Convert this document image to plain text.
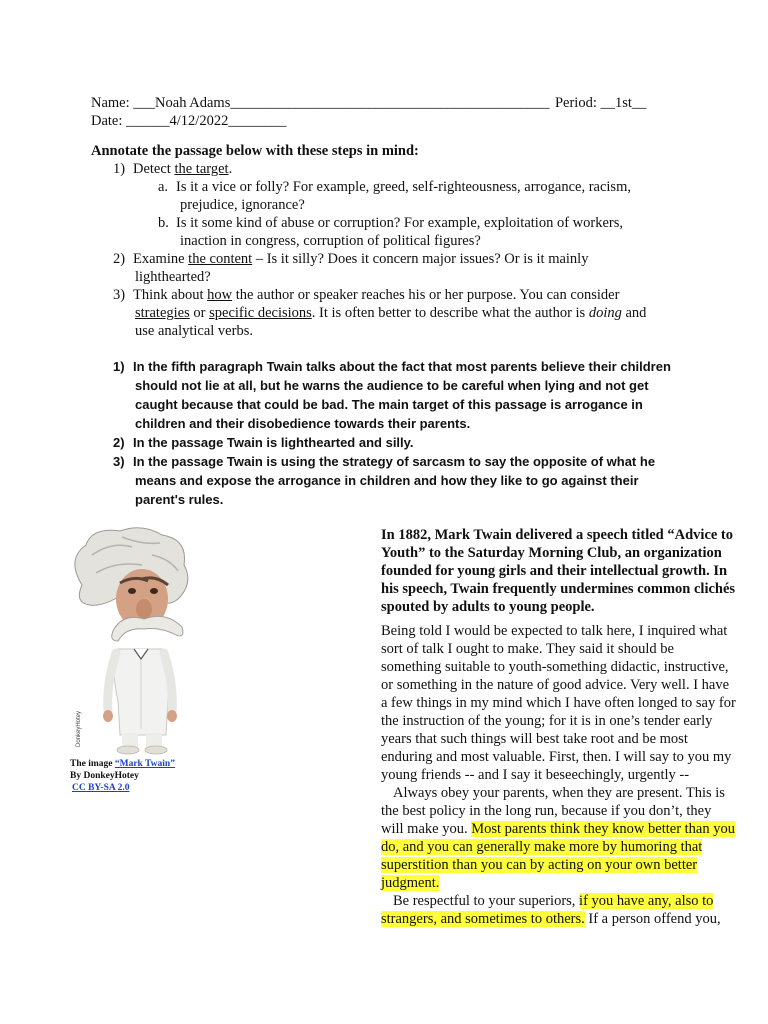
Name: ___Noah Adams____________________________________________ Period: __1st__
Date: ______4/12/2022________
Annotate the passage below with these steps in mind:
1) Detect the target.
a. Is it a vice or folly? For example, greed, self-righteousness, arrogance, racism,
prejudice, ignorance?
b. Is it some kind of abuse or corruption? For example, exploitation of workers,
inaction in congress, corruption of political figures?
2) Examine the content – Is it silly? Does it concern major issues? Or is it mainly
lighthearted?
3) Think about how the author or speaker reaches his or her purpose. You can consider
strategies or specific decisions. It is often better to describe what the author is doing and
use analytical verbs.
1) In the fifth paragraph Twain talks about the fact that most parents believe their children
should not lie at all, but he warns the audience to be careful when lying and not get
caught because that could be bad. The main target of this passage is arrogance in
children and their disobedience towards their parents.
2) In the passage Twain is lighthearted and silly.
3) In the passage Twain is using the strategy of sarcasm to say the opposite of what he
means and expose the arrogance in children and how they like to go against their
parent's rules.
DonkeyHotey
The image “Mark Twain”
By DonkeyHotey
CC BY-SA 2.0
In 1882, Mark Twain delivered a speech titled “Advice to
Youth” to the Saturday Morning Club, an organization
founded for young girls and their intellectual growth. In
his speech, Twain frequently undermines common clichés
spouted by adults to young people.
Being told I would be expected to talk here, I inquired what
sort of talk I ought to make. They said it should be
something suitable to youth-something didactic, instructive,
or something in the nature of good advice. Very well. I have
a few things in my mind which I have often longed to say for
the instruction of the young; for it is in one’s tender early
years that such things will best take root and be most
enduring and most valuable. First, then. I will say to you my
young friends -- and I say it beseechingly, urgently --
Always obey your parents, when they are present. This is
the best policy in the long run, because if you don’t, they
will make you. Most parents think they know better than you
do, and you can generally make more by humoring that
superstition than you can by acting on your own better
judgment.
Be respectful to your superiors, if you have any, also to
strangers, and sometimes to others. If a person offend you,
